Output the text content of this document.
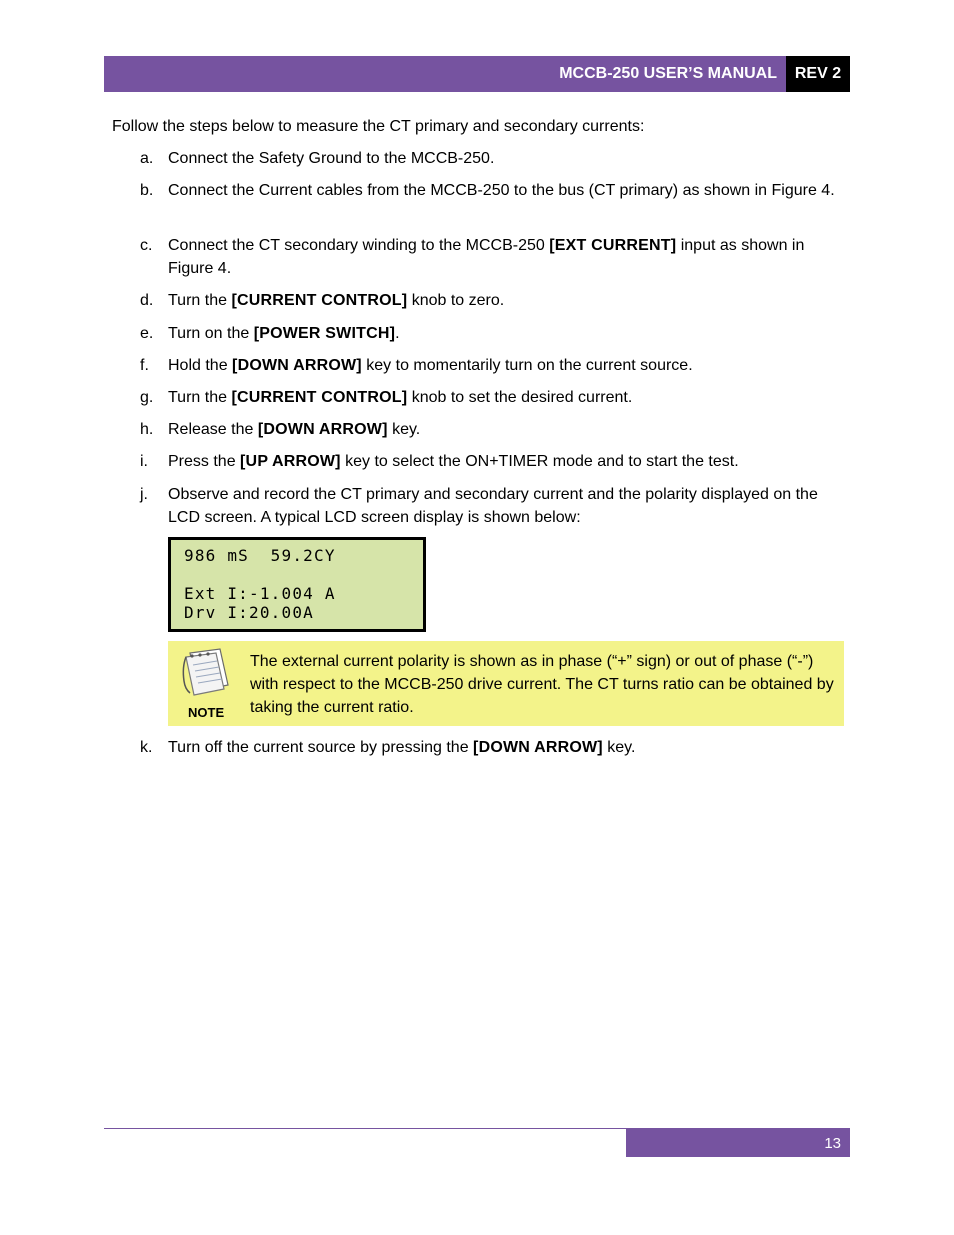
MCCB-250 USER’S MANUAL REV 2
Follow the steps below to measure the CT primary and secondary currents:
a. Connect the Safety Ground to the MCCB-250.
b. Connect the Current cables from the MCCB-250 to the bus (CT primary) as shown in Figure 4.
c. Connect the CT secondary winding to the MCCB-250 [EXT CURRENT] input as shown in Figure 4.
d. Turn the [CURRENT CONTROL] knob to zero.
e. Turn on the [POWER SWITCH].
f.	Hold the [DOWN ARROW] key to momentarily turn on the current source.
g. Turn the [CURRENT CONTROL] knob to set the desired current.
h. Release the [DOWN ARROW] key.
i.	Press the [UP ARROW] key to select the ON+TIMER mode and to start the test.
j.	Observe and record the CT primary and secondary current and the polarity displayed on the LCD screen. A typical LCD screen display is shown below:
986 mS  59.2CY
Ext I:-1.004 A
Drv I:20.00A
NOTE
The external current polarity is shown as in phase (“+” sign) or out of phase (“-”) with respect to the MCCB-250 drive current. The CT turns ratio can be obtained by taking the current ratio.
k. Turn off the current source by pressing the [DOWN ARROW] key.
13
